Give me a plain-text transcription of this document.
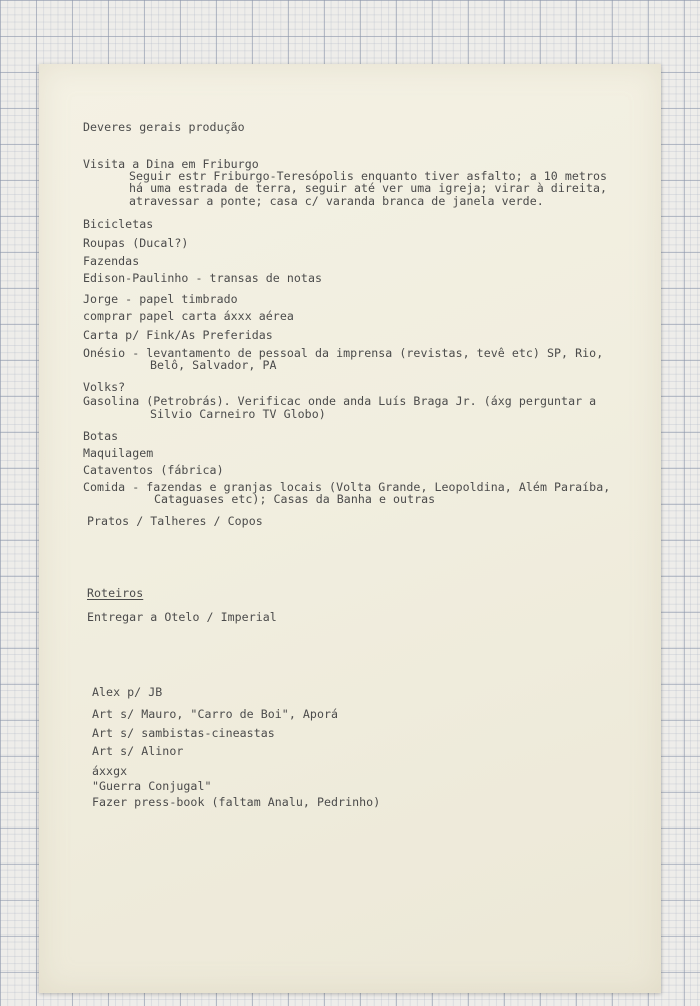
Deveres gerais produção
Visita a Dina em Friburgo
Seguir estr Friburgo-Teresópolis enquanto tiver asfalto; a 10 metros
há uma estrada de terra, seguir até ver uma igreja; virar à direita,
atravessar a ponte; casa c/ varanda branca de janela verde.
Bicicletas
Roupas (Ducal?)
Fazendas
Edison-Paulinho - transas de notas
Jorge - papel timbrado
comprar papel carta áxxx aérea
Carta p/ Fink/As Preferidas
Onésio - levantamento de pessoal da imprensa (revistas, tevê etc) SP, Rio,
Belô, Salvador, PA
Volks?
Gasolina (Petrobrás). Verificac onde anda Luís Braga Jr. (áxg perguntar a
Silvio Carneiro TV Globo)
Botas
Maquilagem
Cataventos (fábrica)
Comida - fazendas e granjas locais (Volta Grande, Leopoldina, Além Paraíba,
Cataguases etc); Casas da Banha e outras
Pratos / Talheres / Copos
Roteiros
Entregar a Otelo / Imperial
Alex p/ JB
Art s/ Mauro, "Carro de Boi", Aporá
Art s/ sambistas-cineastas
Art s/ Alinor
áxxgx
"Guerra Conjugal"
Fazer press-book (faltam Analu, Pedrinho)
